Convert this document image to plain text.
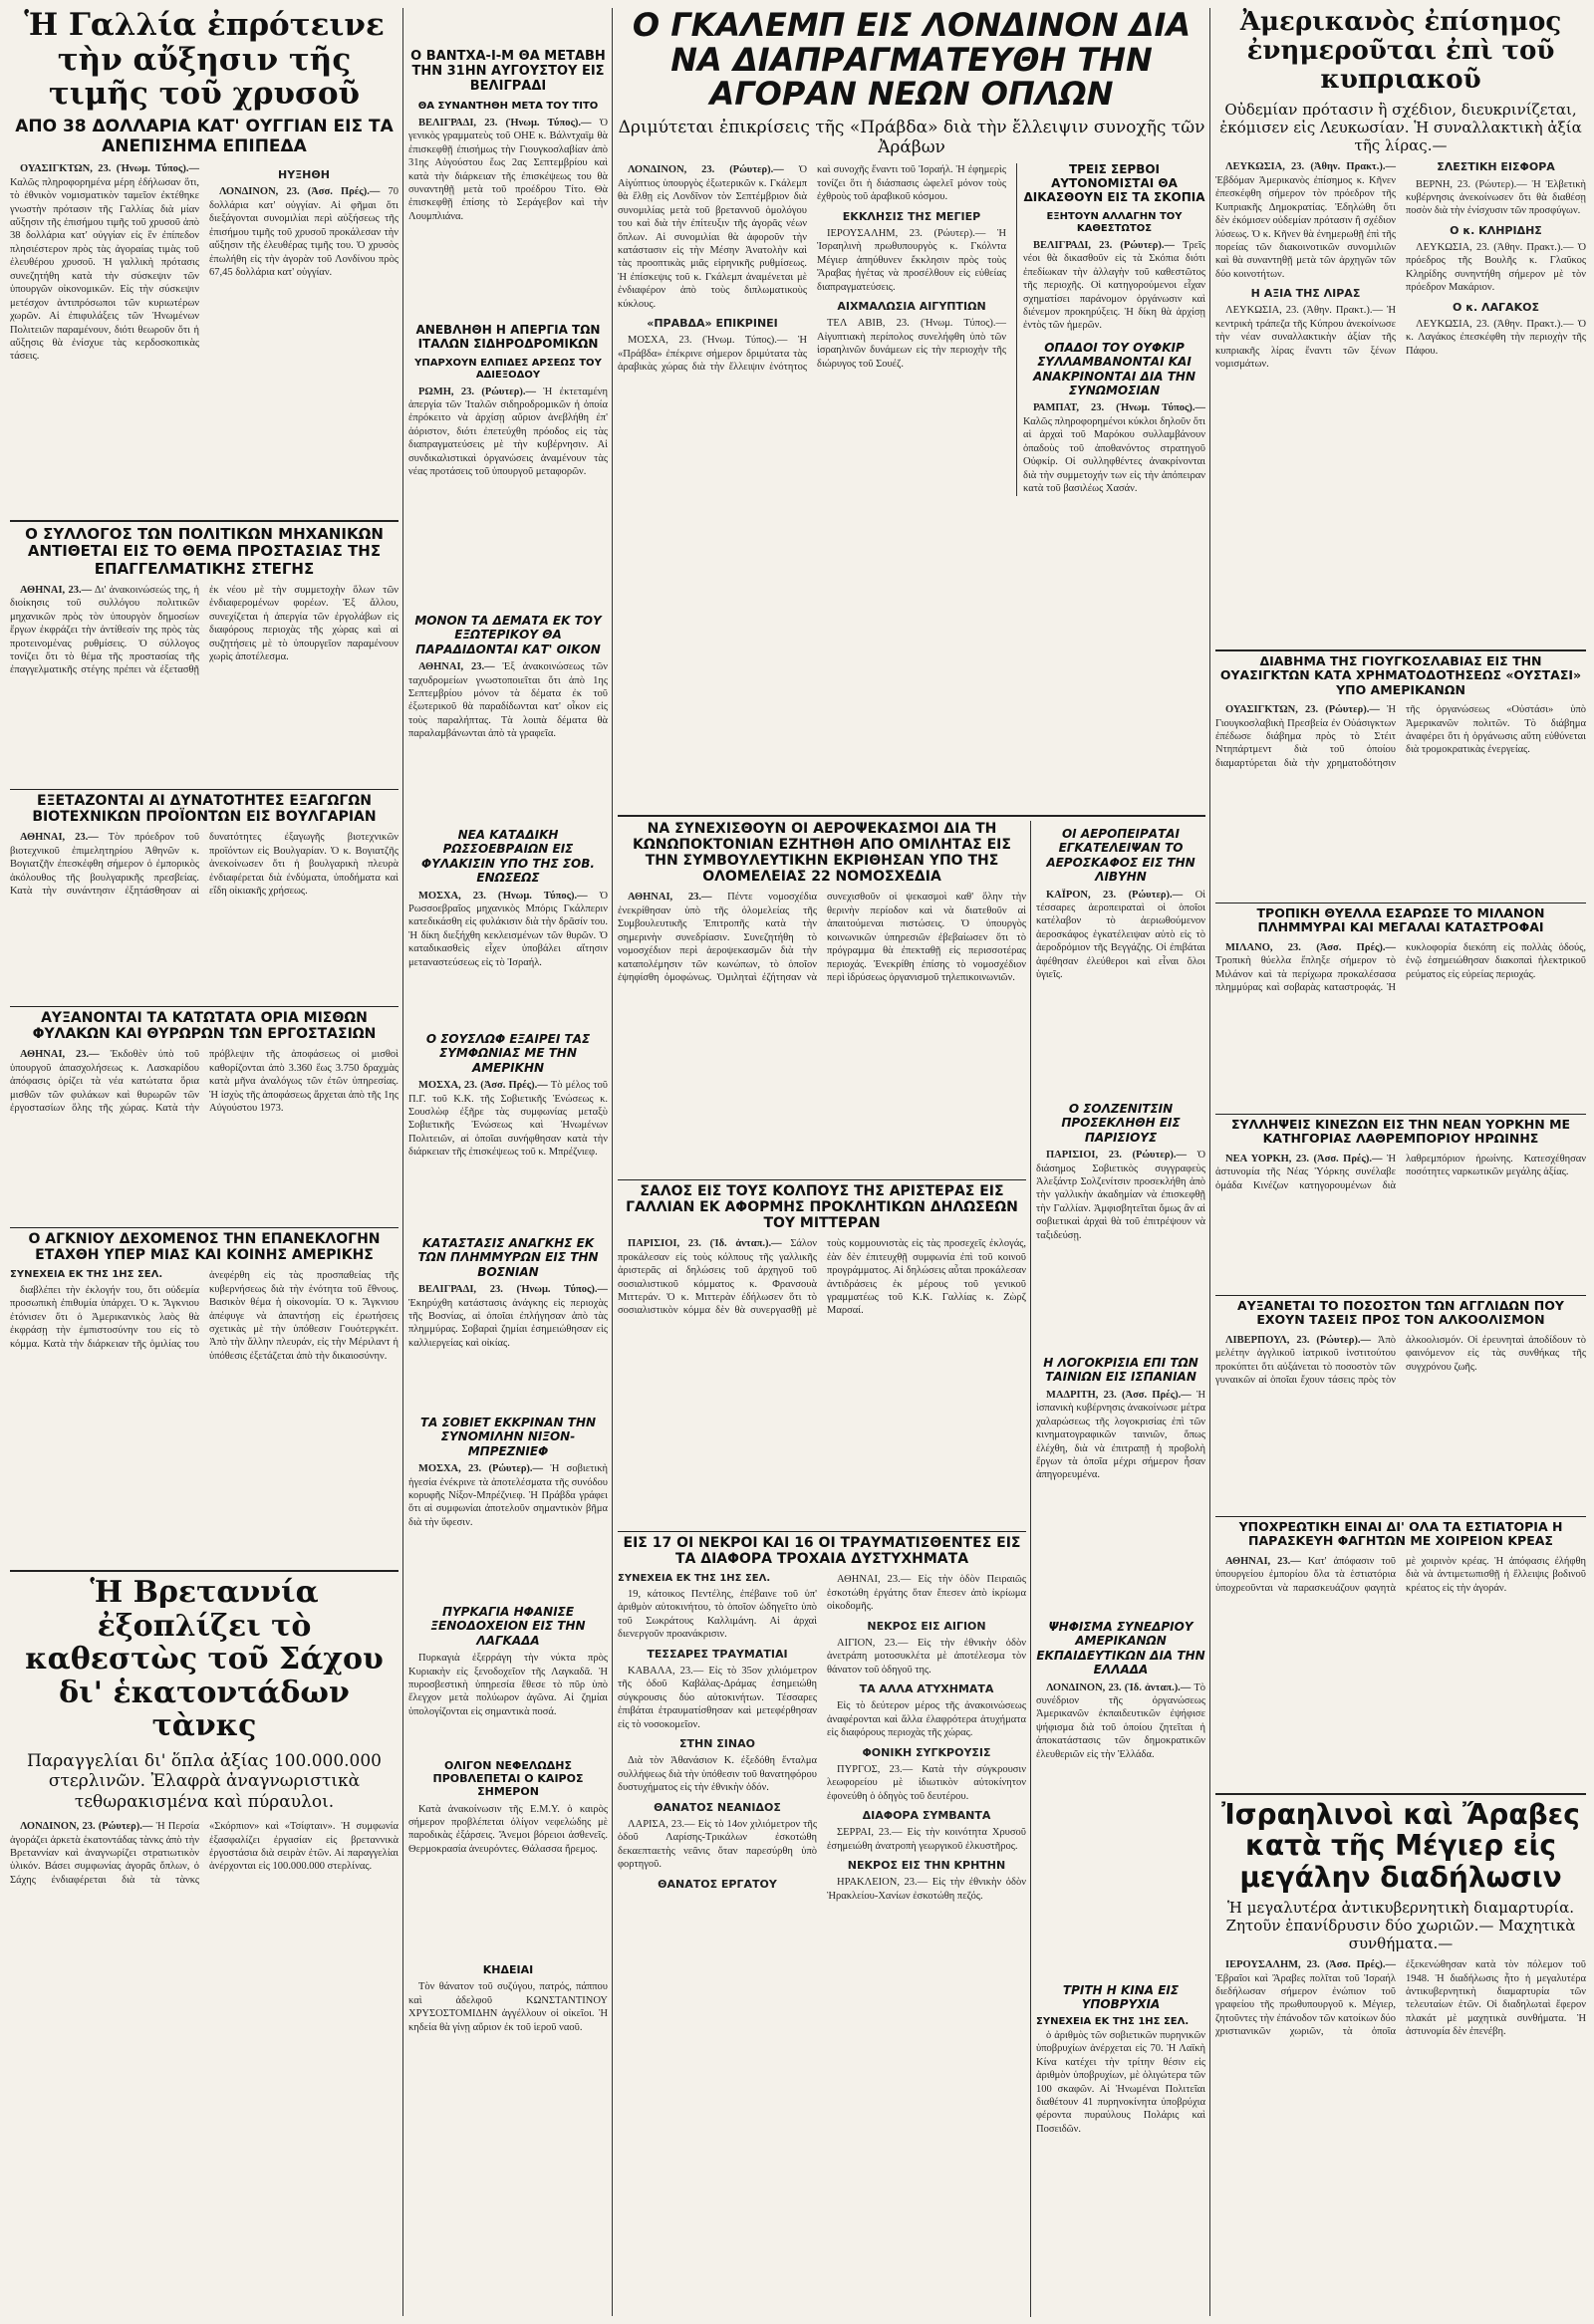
Ἡ Γαλλία ἐπρότεινε τὴν αὔξησιν τῆς τιμῆς τοῦ χρυσοῦ
ΑΠΟ 38 ΔΟΛΛΑΡΙΑ ΚΑΤ' ΟΥΓΓΙΑΝ ΕΙΣ ΤΑ ΑΝΕΠΙΣΗΜΑ ΕΠΙΠΕΔΑ

ΟΥΑΣΙΓΚΤΩΝ, 23. (Ἠνωμ. Τύπος).— Καλῶς πληροφορημένα μέρη ἐδήλωσαν ὅτι, τὸ ἐθνικὸν νομισματικὸν ταμεῖον ἐκτέθηκε γνωστὴν πρότασιν τῆς Γαλλίας διὰ μίαν αὔξησιν τῆς ἐπισήμου τιμῆς τοῦ χρυσοῦ ἀπὸ 38 δολλάρια κατ' οὐγγίαν εἰς ἓν ἐπίπεδον πλησιέστερον πρὸς τὰς ἀγοραίας τιμὰς τοῦ ἐλευθέρου χρυσοῦ. Ἡ γαλλικὴ πρότασις συνεζητήθη κατὰ τὴν σύσκεψιν τῶν ὑπουργῶν οἰκονομικῶν. Εἰς τὴν σύσκεψιν μετέσχον ἀντιπρόσωποι τῶν κυριωτέρων χωρῶν. Αἱ ἐπιφυλάξεις τῶν Ἡνωμένων Πολιτειῶν παραμένουν, διότι θεωροῦν ὅτι ἡ αὔξησις θὰ ἐνίσχυε τὰς κερδοσκοπικὰς τάσεις.

ΗΥΞΗΘΗ

ΛΟΝΔΙΝΟΝ, 23. (Ἀσσ. Πρές).— 70 δολλάρια κατ' οὐγγίαν. Αἱ φῆμαι ὅτι διεξάγονται συνομιλίαι περὶ αὐξήσεως τῆς ἐπισήμου τιμῆς τοῦ χρυσοῦ προκάλεσαν τὴν αὔξησιν τῆς ἐλευθέρας τιμῆς του. Ὁ χρυσὸς ἐπωλήθη εἰς τὴν ἀγορὰν τοῦ Λονδίνου πρὸς 67,45 δολλάρια κατ' οὐγγίαν.

Ο ΣΥΛΛΟΓΟΣ ΤΩΝ ΠΟΛΙΤΙΚΩΝ ΜΗΧΑΝΙΚΩΝ ΑΝΤΙΘΕΤΑΙ ΕΙΣ ΤΟ ΘΕΜΑ ΠΡΟΣΤΑΣΙΑΣ ΤΗΣ ΕΠΑΓΓΕΛΜΑΤΙΚΗΣ ΣΤΕΓΗΣ

ΑΘΗΝΑΙ, 23.— Δι' ἀνακοινώσεώς της, ἡ διοίκησις τοῦ συλλόγου πολιτικῶν μηχανικῶν πρὸς τὸν ὑπουργὸν δημοσίων ἔργων ἐκφράζει τὴν ἀντίθεσίν της πρὸς τὰς προτεινομένας ρυθμίσεις. Ὁ σύλλογος τονίζει ὅτι τὸ θέμα τῆς προστασίας τῆς ἐπαγγελματικῆς στέγης πρέπει νὰ ἐξετασθῇ ἐκ νέου μὲ τὴν συμμετοχὴν ὅλων τῶν ἐνδιαφερομένων φορέων. Ἐξ ἄλλου, συνεχίζεται ἡ ἀπεργία τῶν ἐργολάβων εἰς διαφόρους περιοχὰς τῆς χώρας καὶ αἱ συζητήσεις μὲ τὸ ὑπουργεῖον παραμένουν χωρὶς ἀποτέλεσμα.

ΕΞΕΤΑΖΟΝΤΑΙ ΑΙ ΔΥΝΑΤΟΤΗΤΕΣ ΕΞΑΓΩΓΩΝ ΒΙΟΤΕΧΝΙΚΩΝ ΠΡΟΪΟΝΤΩΝ ΕΙΣ ΒΟΥΛΓΑΡΙΑΝ

ΑΘΗΝΑΙ, 23.— Τὸν πρόεδρον τοῦ βιοτεχνικοῦ ἐπιμελητηρίου Ἀθηνῶν κ. Βογιατζῆν ἐπεσκέφθη σήμερον ὁ ἐμπορικὸς ἀκόλουθος τῆς βουλγαρικῆς πρεσβείας. Κατὰ τὴν συνάντησιν ἐξητάσθησαν αἱ δυνατότητες ἐξαγωγῆς βιοτεχνικῶν προϊόντων εἰς Βουλγαρίαν. Ὁ κ. Βογιατζῆς ἀνεκοίνωσεν ὅτι ἡ βουλγαρικὴ πλευρὰ ἐνδιαφέρεται διὰ ἐνδύματα, ὑποδήματα καὶ εἴδη οἰκιακῆς χρήσεως.

ΑΥΞΑΝΟΝΤΑΙ ΤΑ ΚΑΤΩΤΑΤΑ ΟΡΙΑ ΜΙΣΘΩΝ ΦΥΛΑΚΩΝ ΚΑΙ ΘΥΡΩΡΩΝ ΤΩΝ ΕΡΓΟΣΤΑΣΙΩΝ

ΑΘΗΝΑΙ, 23.— Ἐκδοθὲν ὑπὸ τοῦ ὑπουργοῦ ἀπασχολήσεως κ. Λασκαρίδου ἀπόφασις ὁρίζει τὰ νέα κατώτατα ὅρια μισθῶν τῶν φυλάκων καὶ θυρωρῶν τῶν ἐργοστασίων ὅλης τῆς χώρας. Κατὰ τὴν πρόβλεψιν τῆς ἀποφάσεως οἱ μισθοὶ καθορίζονται ἀπὸ 3.360 ἕως 3.750 δραχμὰς κατὰ μῆνα ἀναλόγως τῶν ἐτῶν ὑπηρεσίας. Ἡ ἰσχὺς τῆς ἀποφάσεως ἄρχεται ἀπὸ τῆς 1ης Αὐγούστου 1973.

Ο ΑΓΚΝΙΟΥ ΔΕΧΟΜΕΝΟΣ ΤΗΝ ΕΠΑΝΕΚΛΟΓΗΝ ΕΤΑΧΘΗ ΥΠΕΡ ΜΙΑΣ ΚΑΙ ΚΟΙΝΗΣ ΑΜΕΡΙΚΗΣ
ΣΥΝΕΧΕΙΑ ΕΚ ΤΗΣ 1ΗΣ ΣΕΛ.

διαβλέπει τὴν ἐκλογήν του, ὅτι οὐδεμία προσωπικὴ ἐπιθυμία ὑπάρχει. Ὁ κ. Ἄγκνιου ἐτόνισεν ὅτι ὁ Ἀμερικανικὸς λαὸς θὰ ἐκφράσῃ τὴν ἐμπιστοσύνην του εἰς τὸ κόμμα. Κατὰ τὴν διάρκειαν τῆς ὁμιλίας του ἀνεφέρθη εἰς τὰς προσπαθείας τῆς κυβερνήσεως διὰ τὴν ἑνότητα τοῦ ἔθνους. Βασικὸν θέμα ἡ οἰκονομία. Ὁ κ. Ἄγκνιου ἀπέφυγε νὰ ἀπαντήσῃ εἰς ἐρωτήσεις σχετικὰς μὲ τὴν ὑπόθεσιν Γουότεργκέιτ. Ἀπὸ τὴν ἄλλην πλευράν, εἰς τὴν Μέριλαντ ἡ ὑπόθεσις ἐξετάζεται ἀπὸ τὴν δικαιοσύνην.

Ἡ Βρεταννία ἐξοπλίζει τὸ καθεστὼς τοῦ Σάχου δι' ἑκατοντάδων τὰνκς
Παραγγελίαι δι' ὅπλα ἀξίας 100.000.000 στερλινῶν. Ἐλαφρὰ ἀναγνωριστικὰ τεθωρακισμένα καὶ πύραυλοι.

ΛΟΝΔΙΝΟΝ, 23. (Ρώυτερ).— Ἡ Περσία ἀγοράζει ἀρκετὰ ἑκατοντάδας τὰνκς ἀπὸ τὴν Βρεταννίαν καὶ ἀναγνωρίζει στρατιωτικὸν ὑλικόν. Βάσει συμφωνίας ἀγορᾶς ὅπλων, ὁ Σάχης ἐνδιαφέρεται διὰ τὰ τὰνκς «Σκόρπιον» καὶ «Τσίφταιν». Ἡ συμφωνία ἐξασφαλίζει ἐργασίαν εἰς βρεταννικὰ ἐργοστάσια διὰ σειρὰν ἐτῶν. Αἱ παραγγελίαι ἀνέρχονται εἰς 100.000.000 στερλίνας.

Ο ΒΑΝΤΧΑ-Ι-Μ ΘΑ ΜΕΤΑΒΗ ΤΗΝ 31ΗΝ ΑΥΓΟΥΣΤΟΥ ΕΙΣ ΒΕΛΙΓΡΑΔΙ
ΘΑ ΣΥΝΑΝΤΗΘΗ ΜΕΤΑ ΤΟΥ ΤΙΤΟ

ΒΕΛΙΓΡΑΔΙ, 23. (Ἠνωμ. Τύπος).— Ὁ γενικὸς γραμματεὺς τοῦ ΟΗΕ κ. Βάλντχαϊμ θὰ ἐπισκεφθῇ ἐπισήμως τὴν Γιουγκοσλαβίαν ἀπὸ 31ης Αὐγούστου ἕως 2ας Σεπτεμβρίου καὶ κατὰ τὴν διάρκειαν τῆς ἐπισκέψεως του θὰ συναντηθῇ μετὰ τοῦ προέδρου Τίτο. Θὰ ἐπισκεφθῇ ἐπίσης τὸ Σεράγεβον καὶ τὴν Λουμπλιάνα.

ΑΝΕΒΛΗΘΗ Η ΑΠΕΡΓΙΑ ΤΩΝ ΙΤΑΛΩΝ ΣΙΔΗΡΟΔΡΟΜΙΚΩΝ
ΥΠΑΡΧΟΥΝ ΕΛΠΙΔΕΣ ΑΡΣΕΩΣ ΤΟΥ ΑΔΙΕΞΟΔΟΥ

ΡΩΜΗ, 23. (Ρώυτερ).— Ἡ ἐκτεταμένη ἀπεργία τῶν Ἰταλῶν σιδηροδρομικῶν ἡ ὁποία ἐπρόκειτο νὰ ἀρχίσῃ αὔριον ἀνεβλήθη ἐπ' ἀόριστον, διότι ἐπετεύχθη πρόοδος εἰς τὰς διαπραγματεύσεις μὲ τὴν κυβέρνησιν. Αἱ συνδικαλιστικαὶ ὀργανώσεις ἀναμένουν τὰς νέας προτάσεις τοῦ ὑπουργοῦ μεταφορῶν.

ΜΟΝΟΝ ΤΑ ΔΕΜΑΤΑ ΕΚ ΤΟΥ ΕΞΩΤΕΡΙΚΟΥ ΘΑ ΠΑΡΑΔΙΔΟΝΤΑΙ ΚΑΤ' ΟΙΚΟΝ

ΑΘΗΝΑΙ, 23.— Ἐξ ἀνακοινώσεως τῶν ταχυδρομείων γνωστοποιεῖται ὅτι ἀπὸ 1ης Σεπτεμβρίου μόνον τὰ δέματα ἐκ τοῦ ἐξωτερικοῦ θὰ παραδίδωνται κατ' οἶκον εἰς τοὺς παραλήπτας. Τὰ λοιπὰ δέματα θὰ παραλαμβάνωνται ἀπὸ τὰ γραφεῖα.

ΝΕΑ ΚΑΤΑΔΙΚΗ ΡΩΣΣΟΕΒΡΑΙΩΝ ΕΙΣ ΦΥΛΑΚΙΣΙΝ ΥΠΟ ΤΗΣ ΣΟΒ. ΕΝΩΣΕΩΣ

ΜΟΣΧΑ, 23. (Ἠνωμ. Τύπος).— Ὁ Ρωσσοεβραῖος μηχανικὸς Μπόρις Γκάλπεριν κατεδικάσθη εἰς φυλάκισιν διὰ τὴν δρᾶσίν του. Ἡ δίκη διεξήχθη κεκλεισμένων τῶν θυρῶν. Ὁ καταδικασθεὶς εἶχεν ὑποβάλει αἴτησιν μεταναστεύσεως εἰς τὸ Ἰσραήλ.

Ο ΣΟΥΣΛΩΦ ΕΞΑΙΡΕΙ ΤΑΣ ΣΥΜΦΩΝΙΑΣ ΜΕ ΤΗΝ ΑΜΕΡΙΚΗΝ

ΜΟΣΧΑ, 23. (Ἀσσ. Πρές).— Τὸ μέλος τοῦ Π.Γ. τοῦ Κ.Κ. τῆς Σοβιετικῆς Ἑνώσεως κ. Σουσλὼφ ἐξῆρε τὰς συμφωνίας μεταξὺ Σοβιετικῆς Ἑνώσεως καὶ Ἡνωμένων Πολιτειῶν, αἱ ὁποῖαι συνήφθησαν κατὰ τὴν διάρκειαν τῆς ἐπισκέψεως τοῦ κ. Μπρέζνιεφ.

ΚΑΤΑΣΤΑΣΙΣ ΑΝΑΓΚΗΣ ΕΚ ΤΩΝ ΠΛΗΜΜΥΡΩΝ ΕΙΣ ΤΗΝ ΒΟΣΝΙΑΝ

ΒΕΛΙΓΡΑΔΙ, 23. (Ἠνωμ. Τύπος).— Ἐκηρύχθη κατάστασις ἀνάγκης εἰς περιοχὰς τῆς Βοσνίας, αἱ ὁποῖαι ἐπλήγησαν ἀπὸ τὰς πλημμύρας. Σοβαραὶ ζημίαι ἐσημειώθησαν εἰς καλλιεργείας καὶ οἰκίας.

ΤΑ ΣΟΒΙΕΤ ΕΚΚΡΙΝΑΝ ΤΗΝ ΣΥΝΟΜΙΛΗΝ ΝΙΞΟΝ-ΜΠΡΕΖΝΙΕΦ

ΜΟΣΧΑ, 23. (Ρώυτερ).— Ἡ σοβιετικὴ ἡγεσία ἐνέκρινε τὰ ἀποτελέσματα τῆς συνόδου κορυφῆς Νίξον-Μπρέζνιεφ. Ἡ Πράβδα γράφει ὅτι αἱ συμφωνίαι ἀποτελοῦν σημαντικὸν βῆμα διὰ τὴν ὕφεσιν.

ΠΥΡΚΑΓΙΑ ΗΦΑΝΙΣΕ ΞΕΝΟΔΟΧΕΙΟΝ ΕΙΣ ΤΗΝ ΛΑΓΚΑΔΑ

Πυρκαγιὰ ἐξερράγη τὴν νύκτα πρὸς Κυριακὴν εἰς ξενοδοχεῖον τῆς Λαγκαδᾶ. Ἡ πυροσβεστικὴ ὑπηρεσία ἔθεσε τὸ πῦρ ὑπὸ ἔλεγχον μετὰ πολύωρον ἀγῶνα. Αἱ ζημίαι ὑπολογίζονται εἰς σημαντικὰ ποσά.

ΟΛΙΓΟΝ ΝΕΦΕΛΩΔΗΣ ΠΡΟΒΛΕΠΕΤΑΙ Ο ΚΑΙΡΟΣ ΣΗΜΕΡΟΝ

Κατὰ ἀνακοίνωσιν τῆς Ε.Μ.Υ. ὁ καιρὸς σήμερον προβλέπεται ὀλίγον νεφελώδης μὲ παροδικὰς ἐξάρσεις. Ἄνεμοι βόρειοι ἀσθενεῖς. Θερμοκρασία ἀνευρόντες. Θάλασσα ἤρεμος.

ΚΗΔΕΙΑΙ

Τὸν θάνατον τοῦ συζύγου, πατρός, πάππου καὶ ἀδελφοῦ ΚΩΝΣΤΑΝΤΙΝΟΥ ΧΡΥΣΟΣΤΟΜΙΔΗΝ ἀγγέλλουν οἱ οἰκεῖοι. Ἡ κηδεία θὰ γίνῃ αὔριον ἐκ τοῦ ἱεροῦ ναοῦ.

Ο ΓΚΑΛΕΜΠ ΕΙΣ ΛΟΝΔΙΝΟΝ ΔΙΑ ΝΑ ΔΙΑΠΡΑΓΜΑΤΕΥΘΗ ΤΗΝ ΑΓΟΡΑΝ ΝΕΩΝ ΟΠΛΩΝ
Δριμύτεται ἐπικρίσεις τῆς «Πράβδα» διὰ τὴν ἔλλειψιν συνοχῆς τῶν Ἀράβων

ΛΟΝΔΙΝΟΝ, 23. (Ρώυτερ).— Ὁ Αἰγύπτιος ὑπουργὸς ἐξωτερικῶν κ. Γκάλεμπ θὰ ἔλθῃ εἰς Λονδῖνον τὸν Σεπτέμβριον διὰ συνομιλίας μετὰ τοῦ βρεταννοῦ ὁμολόγου του καὶ διὰ τὴν ἐπίτευξιν τῆς ἀγορᾶς νέων ὅπλων. Αἱ συνομιλίαι θὰ ἀφοροῦν τὴν κατάστασιν εἰς τὴν Μέσην Ἀνατολὴν καὶ τὰς προοπτικὰς μιᾶς εἰρηνικῆς ρυθμίσεως. Ἡ ἐπίσκεψις τοῦ κ. Γκάλεμπ ἀναμένεται μὲ ἐνδιαφέρον ἀπὸ τοὺς διπλωματικοὺς κύκλους.

«ΠΡΑΒΔΑ» ΕΠΙΚΡΙΝΕΙ

ΜΟΣΧΑ, 23. (Ἠνωμ. Τύπος).— Ἡ «Πράβδα» ἐπέκρινε σήμερον δριμύτατα τὰς ἀραβικὰς χώρας διὰ τὴν ἔλλειψιν ἑνότητος καὶ συνοχῆς ἔναντι τοῦ Ἰσραήλ. Ἡ ἐφημερὶς τονίζει ὅτι ἡ διάσπασις ὠφελεῖ μόνον τοὺς ἐχθροὺς τοῦ ἀραβικοῦ κόσμου.

ΕΚΚΛΗΣΙΣ ΤΗΣ ΜΕΓΙΕΡ

ΙΕΡΟΥΣΑΛΗΜ, 23. (Ρώυτερ).— Ἡ Ἰσραηλινὴ πρωθυπουργὸς κ. Γκόλντα Μέγιερ ἀπηύθυνεν ἔκκλησιν πρὸς τοὺς Ἄραβας ἡγέτας νὰ προσέλθουν εἰς εὐθείας διαπραγματεύσεις.

ΑΙΧΜΑΛΩΣΙΑ ΑΙΓΥΠΤΙΩΝ

ΤΕΛ ΑΒΙΒ, 23. (Ἠνωμ. Τύπος).— Αἰγυπτιακὴ περίπολος συνελήφθη ὑπὸ τῶν ἰσραηλινῶν δυνάμεων εἰς τὴν περιοχὴν τῆς διώρυγος τοῦ Σουέζ.

ΤΡΕΙΣ ΣΕΡΒΟΙ ΑΥΤΟΝΟΜΙΣΤΑΙ ΘΑ ΔΙΚΑΣΘΟΥΝ ΕΙΣ ΤΑ ΣΚΟΠΙΑ
ΕΞΗΤΟΥΝ ΑΛΛΑΓΗΝ ΤΟΥ ΚΑΘΕΣΤΩΤΟΣ

ΒΕΛΙΓΡΑΔΙ, 23. (Ρώυτερ).— Τρεῖς νέοι θὰ δικασθοῦν εἰς τὰ Σκόπια διότι ἐπεδίωκαν τὴν ἀλλαγὴν τοῦ καθεστῶτος τῆς περιοχῆς. Οἱ κατηγορούμενοι εἶχαν σχηματίσει παράνομον ὀργάνωσιν καὶ διένεμον προκηρύξεις. Ἡ δίκη θὰ ἀρχίσῃ ἐντὸς τῶν ἡμερῶν.

ΟΠΑΔΟΙ ΤΟΥ ΟΥΦΚΙΡ ΣΥΛΛΑΜΒΑΝΟΝΤΑΙ ΚΑΙ ΑΝΑΚΡΙΝΟΝΤΑΙ ΔΙΑ ΤΗΝ ΣΥΝΩΜΟΣΙΑΝ

ΡΑΜΠΑΤ, 23. (Ἠνωμ. Τύπος).— Καλῶς πληροφορημένοι κύκλοι δηλοῦν ὅτι αἱ ἀρχαὶ τοῦ Μαρόκου συλλαμβάνουν ὀπαδοὺς τοῦ ἀποθανόντος στρατηγοῦ Οὐφκίρ. Οἱ συλληφθέντες ἀνακρίνονται διὰ τὴν συμμετοχήν των εἰς τὴν ἀπόπειραν κατὰ τοῦ βασιλέως Χασάν.

ΝΑ ΣΥΝΕΧΙΣΘΟΥΝ ΟΙ ΑΕΡΟΨΕΚΑΣΜΟΙ ΔΙΑ ΤΗ ΚΩΝΩΠΟΚΤΟΝΙΑΝ ΕΖΗΤΗΘΗ ΑΠΟ ΟΜΙΛΗΤΑΣ ΕΙΣ ΤΗΝ ΣΥΜΒΟΥΛΕΥΤΙΚΗΝ ΕΚΡΙΘΗΣΑΝ ΥΠΟ ΤΗΣ ΟΛΟΜΕΛΕΙΑΣ 22 ΝΟΜΟΣΧΕΔΙΑ

ΑΘΗΝΑΙ, 23.— Πέντε νομοσχέδια ἐνεκρίθησαν ὑπὸ τῆς ὁλομελείας τῆς Συμβουλευτικῆς Ἐπιτροπῆς κατὰ τὴν σημερινὴν συνεδρίασιν. Συνεζητήθη τὸ νομοσχέδιον περὶ ἀεροψεκασμῶν διὰ τὴν καταπολέμησιν τῶν κωνώπων, τὸ ὁποῖον ἐψηφίσθη ὁμοφώνως. Ὁμιληταὶ ἐζήτησαν νὰ συνεχισθοῦν οἱ ψεκασμοὶ καθ' ὅλην τὴν θερινὴν περίοδον καὶ νὰ διατεθοῦν αἱ ἀπαιτούμεναι πιστώσεις. Ὁ ὑπουργὸς κοινωνικῶν ὑπηρεσιῶν ἐβεβαίωσεν ὅτι τὸ πρόγραμμα θὰ ἐπεκταθῇ εἰς περισσοτέρας περιοχάς. Ἐνεκρίθη ἐπίσης τὸ νομοσχέδιον περὶ ἱδρύσεως ὀργανισμοῦ τηλεπικοινωνιῶν.

ΣΑΛΟΣ ΕΙΣ ΤΟΥΣ ΚΟΛΠΟΥΣ ΤΗΣ ΑΡΙΣΤΕΡΑΣ ΕΙΣ ΓΑΛΛΙΑΝ ΕΚ ΑΦΟΡΜΗΣ ΠΡΟΚΛΗΤΙΚΩΝ ΔΗΛΩΣΕΩΝ ΤΟΥ ΜΙΤΤΕΡΑΝ

ΠΑΡΙΣΙΟΙ, 23. (Ἰδ. ἀνταπ.).— Σάλον προκάλεσαν εἰς τοὺς κόλπους τῆς γαλλικῆς ἀριστερᾶς αἱ δηλώσεις τοῦ ἀρχηγοῦ τοῦ σοσιαλιστικοῦ κόμματος κ. Φρανσουὰ Μιττεράν. Ὁ κ. Μιττερὰν ἐδήλωσεν ὅτι τὸ σοσιαλιστικὸν κόμμα δὲν θὰ συνεργασθῇ μὲ τοὺς κομμουνιστὰς εἰς τὰς προσεχεῖς ἐκλογάς, ἐὰν δὲν ἐπιτευχθῇ συμφωνία ἐπὶ τοῦ κοινοῦ προγράμματος. Αἱ δηλώσεις αὗται προκάλεσαν ἀντιδράσεις ἐκ μέρους τοῦ γενικοῦ γραμματέως τοῦ Κ.Κ. Γαλλίας κ. Ζὼρζ Μαρσαί.

ΕΙΣ 17 ΟΙ ΝΕΚΡΟΙ ΚΑΙ 16 ΟΙ ΤΡΑΥΜΑΤΙΣΘΕΝΤΕΣ ΕΙΣ ΤΑ ΔΙΑΦΟΡΑ ΤΡΟΧΑΙΑ ΔΥΣΤΥΧΗΜΑΤΑ
ΣΥΝΕΧΕΙΑ ΕΚ ΤΗΣ 1ΗΣ ΣΕΛ.

19, κάτοικος Πεντέλης, ἐπέβαινε τοῦ ὑπ' ἀριθμὸν αὐτοκινήτου, τὸ ὁποῖον ὡδηγεῖτο ὑπὸ τοῦ Σωκράτους Καλλιμάνη. Αἱ ἀρχαὶ διενεργοῦν προανάκρισιν.

ΤΕΣΣΑΡΕΣ ΤΡΑΥΜΑΤΙΑΙ

ΚΑΒΑΛΑ, 23.— Εἰς τὸ 35ον χιλιόμετρον τῆς ὁδοῦ Καβάλας-Δράμας ἐσημειώθη σύγκρουσις δύο αὐτοκινήτων. Τέσσαρες ἐπιβάται ἐτραυματίσθησαν καὶ μετεφέρθησαν εἰς τὸ νοσοκομεῖον.

ΣΤΗΝ ΣΙΝΑΟ

Διὰ τὸν Ἀθανάσιον Κ. ἐξεδόθη ἔνταλμα συλλήψεως διὰ τὴν ὑπόθεσιν τοῦ θανατηφόρου δυστυχήματος εἰς τὴν ἐθνικὴν ὁδόν.

ΘΑΝΑΤΟΣ ΝΕΑΝΙΔΟΣ

ΛΑΡΙΣΑ, 23.— Εἰς τὸ 14ον χιλιόμετρον τῆς ὁδοῦ Λαρίσης-Τρικάλων ἐσκοτώθη δεκαεπταετὴς νεᾶνις ὅταν παρεσύρθη ὑπὸ φορτηγοῦ.

ΘΑΝΑΤΟΣ ΕΡΓΑΤΟΥ

ΑΘΗΝΑΙ, 23.— Εἰς τὴν ὁδὸν Πειραιῶς ἐσκοτώθη ἐργάτης ὅταν ἔπεσεν ἀπὸ ἰκρίωμα οἰκοδομῆς.

ΝΕΚΡΟΣ ΕΙΣ ΑΙΓΙΟΝ

ΑΙΓΙΟΝ, 23.— Εἰς τὴν ἐθνικὴν ὁδὸν ἀνετράπη μοτοσυκλέτα μὲ ἀποτέλεσμα τὸν θάνατον τοῦ ὁδηγοῦ της.

ΤΑ ΑΛΛΑ ΑΤΥΧΗΜΑΤΑ

Εἰς τὸ δεύτερον μέρος τῆς ἀνακοινώσεως ἀναφέρονται καὶ ἄλλα ἐλαφρότερα ἀτυχήματα εἰς διαφόρους περιοχὰς τῆς χώρας.

ΦΟΝΙΚΗ ΣΥΓΚΡΟΥΣΙΣ

ΠΥΡΓΟΣ, 23.— Κατὰ τὴν σύγκρουσιν λεωφορείου μὲ ἰδιωτικὸν αὐτοκίνητον ἐφονεύθη ὁ ὁδηγὸς τοῦ δευτέρου.

ΔΙΑΦΟΡΑ ΣΥΜΒΑΝΤΑ

ΣΕΡΡΑΙ, 23.— Εἰς τὴν κοινότητα Χρυσοῦ ἐσημειώθη ἀνατροπὴ γεωργικοῦ ἐλκυστῆρος.

ΝΕΚΡΟΣ ΕΙΣ ΤΗΝ ΚΡΗΤΗΝ

ΗΡΑΚΛΕΙΟΝ, 23.— Εἰς τὴν ἐθνικὴν ὁδὸν Ἡρακλείου-Χανίων ἐσκοτώθη πεζός.

ΟΙ ΑΕΡΟΠΕΙΡΑΤΑΙ ΕΓΚΑΤΕΛΕΙΨΑΝ ΤΟ ΑΕΡΟΣΚΑΦΟΣ ΕΙΣ ΤΗΝ ΛΙΒΥΗΝ

ΚΑΪΡΟΝ, 23. (Ρώυτερ).— Οἱ τέσσαρες ἀεροπειραταὶ οἱ ὁποῖοι κατέλαβον τὸ ἀεριωθούμενον ἀεροσκάφος ἐγκατέλειψαν αὐτὸ εἰς τὸ ἀεροδρόμιον τῆς Βεγγάζης. Οἱ ἐπιβάται ἀφέθησαν ἐλεύθεροι καὶ εἶναι ὅλοι ὑγιεῖς.

Ο ΣΟΛΖΕΝΙΤΣΙΝ ΠΡΟΣΕΚΛΗΘΗ ΕΙΣ ΠΑΡΙΣΙΟΥΣ

ΠΑΡΙΣΙΟΙ, 23. (Ρώυτερ).— Ὁ διάσημος Σοβιετικὸς συγγραφεὺς Ἀλεξάντρ Σολζενίτσιν προσεκλήθη ἀπὸ τὴν γαλλικὴν ἀκαδημίαν νὰ ἐπισκεφθῇ τὴν Γαλλίαν. Ἀμφισβητεῖται ὅμως ἂν αἱ σοβιετικαὶ ἀρχαὶ θὰ τοῦ ἐπιτρέψουν νὰ ταξιδεύσῃ.

Η ΛΟΓΟΚΡΙΣΙΑ ΕΠΙ ΤΩΝ ΤΑΙΝΙΩΝ ΕΙΣ ΙΣΠΑΝΙΑΝ

ΜΑΔΡΙΤΗ, 23. (Ἀσσ. Πρές).— Ἡ ἰσπανικὴ κυβέρνησις ἀνακοίνωσε μέτρα χαλαρώσεως τῆς λογοκρισίας ἐπὶ τῶν κινηματογραφικῶν ταινιῶν, ὅπως ἐλέχθη, διὰ νὰ ἐπιτραπῇ ἡ προβολὴ ἔργων τὰ ὁποῖα μέχρι σήμερον ἦσαν ἀπηγορευμένα.

ΨΗΦΙΣΜΑ ΣΥΝΕΔΡΙΟΥ ΑΜΕΡΙΚΑΝΩΝ ΕΚΠΑΙΔΕΥΤΙΚΩΝ ΔΙΑ ΤΗΝ ΕΛΛΑΔΑ

ΛΟΝΔΙΝΟΝ, 23. (Ἰδ. ἀνταπ.).— Τὸ συνέδριον τῆς ὀργανώσεως Ἀμερικανῶν ἐκπαιδευτικῶν ἐψήφισε ψήφισμα διὰ τοῦ ὁποίου ζητεῖται ἡ ἀποκατάστασις τῶν δημοκρατικῶν ἐλευθεριῶν εἰς τὴν Ἑλλάδα.

ΤΡΙΤΗ Η ΚΙΝΑ ΕΙΣ ΥΠΟΒΡΥΧΙΑ
ΣΥΝΕΧΕΙΑ ΕΚ ΤΗΣ 1ΗΣ ΣΕΛ.

ὁ ἀριθμὸς τῶν σοβιετικῶν πυρηνικῶν ὑποβρυχίων ἀνέρχεται εἰς 70. Ἡ Λαϊκὴ Κίνα κατέχει τὴν τρίτην θέσιν εἰς ἀριθμὸν ὑποβρυχίων, μὲ ὁλιγώτερα τῶν 100 σκαφῶν. Αἱ Ἡνωμέναι Πολιτεῖαι διαθέτουν 41 πυρηνοκίνητα ὑποβρύχια φέροντα πυραύλους Πολάρις καὶ Ποσειδῶν.

Ἀμερικανὸς ἐπίσημος ἐνημεροῦται ἐπὶ τοῦ κυπριακοῦ
Οὐδεμίαν πρότασιν ἢ σχέδιον, διευκρινίζεται, ἐκόμισεν εἰς Λευκωσίαν. Ἡ συναλλακτικὴ ἀξία τῆς λίρας.—

ΛΕΥΚΩΣΙΑ, 23. (Ἀθην. Πρακτ.).— Ἐβδόμαν Ἀμερικανὸς ἐπίσημος κ. Κῆνεν ἐπεσκέφθη σήμερον τὸν πρόεδρον τῆς Κυπριακῆς Δημοκρατίας. Ἐδηλώθη ὅτι δὲν ἐκόμισεν οὐδεμίαν πρότασιν ἢ σχέδιον λύσεως. Ὁ κ. Κῆνεν θὰ ἐνημερωθῇ ἐπὶ τῆς πορείας τῶν διακοινοτικῶν συνομιλιῶν καὶ θὰ συναντηθῇ μετὰ τῶν ἀρχηγῶν τῶν δύο κοινοτήτων.

Η ΑΞΙΑ ΤΗΣ ΛΙΡΑΣ

ΛΕΥΚΩΣΙΑ, 23. (Ἀθην. Πρακτ.).— Ἡ κεντρικὴ τράπεζα τῆς Κύπρου ἀνεκοίνωσε τὴν νέαν συναλλακτικὴν ἀξίαν τῆς κυπριακῆς λίρας ἔναντι τῶν ξένων νομισμάτων.

ΣΛΕΣΤΙΚΗ ΕΙΣΦΟΡΑ

ΒΕΡΝΗ, 23. (Ρώυτερ).— Ἡ Ἑλβετικὴ κυβέρνησις ἀνεκοίνωσεν ὅτι θὰ διαθέσῃ ποσὸν διὰ τὴν ἐνίσχυσιν τῶν προσφύγων.

Ο κ. ΚΛΗΡΙΔΗΣ

ΛΕΥΚΩΣΙΑ, 23. (Ἀθην. Πρακτ.).— Ὁ πρόεδρος τῆς Βουλῆς κ. Γλαῦκος Κληρίδης συνηντήθη σήμερον μὲ τὸν πρόεδρον Μακάριον.

Ο κ. ΛΑΓΑΚΟΣ

ΛΕΥΚΩΣΙΑ, 23. (Ἀθην. Πρακτ.).— Ὁ κ. Λαγάκος ἐπεσκέφθη τὴν περιοχὴν τῆς Πάφου.

ΔΙΑΒΗΜΑ ΤΗΣ ΓΙΟΥΓΚΟΣΛΑΒΙΑΣ ΕΙΣ ΤΗΝ ΟΥΑΣΙΓΚΤΩΝ ΚΑΤΑ ΧΡΗΜΑΤΟΔΟΤΗΣΕΩΣ «ΟΥΣΤΑΣΙ» ΥΠΟ ΑΜΕΡΙΚΑΝΩΝ

ΟΥΑΣΙΓΚΤΩΝ, 23. (Ρώυτερ).— Ἡ Γιουγκοσλαβικὴ Πρεσβεία ἐν Οὐάσιγκτων ἐπέδωσε διάβημα πρὸς τὸ Στέιτ Ντηπάρτμεντ διὰ τοῦ ὁποίου διαμαρτύρεται διὰ τὴν χρηματοδότησιν τῆς ὀργανώσεως «Οὐστάσι» ὑπὸ Ἀμερικανῶν πολιτῶν. Τὸ διάβημα ἀναφέρει ὅτι ἡ ὀργάνωσις αὕτη εὐθύνεται διὰ τρομοκρατικὰς ἐνεργείας.

ΤΡΟΠΙΚΗ ΘΥΕΛΛΑ ΕΣΑΡΩΣΕ ΤΟ ΜΙΛΑΝΟΝ ΠΛΗΜΜΥΡΑΙ ΚΑΙ ΜΕΓΑΛΑΙ ΚΑΤΑΣΤΡΟΦΑΙ

ΜΙΛΑΝΟ, 23. (Ἀσσ. Πρές).— Τροπικὴ θύελλα ἔπληξε σήμερον τὸ Μιλάνον καὶ τὰ περίχωρα προκαλέσασα πλημμύρας καὶ σοβαρὰς καταστροφάς. Ἡ κυκλοφορία διεκόπη εἰς πολλὰς ὁδούς, ἐνῷ ἐσημειώθησαν διακοπαὶ ἠλεκτρικοῦ ρεύματος εἰς εὐρείας περιοχάς.

ΣΥΛΛΗΨΕΙΣ ΚΙΝΕΖΩΝ ΕΙΣ ΤΗΝ ΝΕΑΝ ΥΟΡΚΗΝ ΜΕ ΚΑΤΗΓΟΡΙΑΣ ΛΑΘΡΕΜΠΟΡΙΟΥ ΗΡΩΙΝΗΣ

ΝΕΑ ΥΟΡΚΗ, 23. (Ἀσσ. Πρές).— Ἡ ἀστυνομία τῆς Νέας Ὑόρκης συνέλαβε ὁμάδα Κινέζων κατηγορουμένων διὰ λαθρεμπόριον ἡρωίνης. Κατεσχέθησαν ποσότητες ναρκωτικῶν μεγάλης ἀξίας.

ΑΥΞΑΝΕΤΑΙ ΤΟ ΠΟΣΟΣΤΟΝ ΤΩΝ ΑΓΓΛΙΔΩΝ ΠΟΥ ΕΧΟΥΝ ΤΑΣΕΙΣ ΠΡΟΣ ΤΟΝ ΑΛΚΟΟΛΙΣΜΟΝ

ΛΙΒΕΡΠΟΥΛ, 23. (Ρώυτερ).— Ἀπὸ μελέτην ἀγγλικοῦ ἰατρικοῦ ἰνστιτούτου προκύπτει ὅτι αὐξάνεται τὸ ποσοστὸν τῶν γυναικῶν αἱ ὁποῖαι ἔχουν τάσεις πρὸς τὸν ἀλκοολισμόν. Οἱ ἐρευνηταὶ ἀποδίδουν τὸ φαινόμενον εἰς τὰς συνθήκας τῆς συγχρόνου ζωῆς.

ΥΠΟΧΡΕΩΤΙΚΗ ΕΙΝΑΙ ΔΙ' ΟΛΑ ΤΑ ΕΣΤΙΑΤΟΡΙΑ Η ΠΑΡΑΣΚΕΥΗ ΦΑΓΗΤΩΝ ΜΕ ΧΟΙΡΕΙΟΝ ΚΡΕΑΣ

ΑΘΗΝΑΙ, 23.— Κατ' ἀπόφασιν τοῦ ὑπουργείου ἐμπορίου ὅλα τὰ ἑστιατόρια ὑποχρεοῦνται νὰ παρασκευάζουν φαγητὰ μὲ χοιρινὸν κρέας. Ἡ ἀπόφασις ἐλήφθη διὰ νὰ ἀντιμετωπισθῇ ἡ ἔλλειψις βοδινοῦ κρέατος εἰς τὴν ἀγοράν.

Ἰσραηλινοὶ καὶ Ἄραβες κατὰ τῆς Μέγιερ εἰς μεγάλην διαδήλωσιν
Ἡ μεγαλυτέρα ἀντικυβερνητικὴ διαμαρτυρία. Ζητοῦν ἐπανίδρυσιν δύο χωριῶν.— Μαχητικὰ συνθήματα.—

ΙΕΡΟΥΣΑΛΗΜ, 23. (Ἀσσ. Πρές).— Ἑβραῖοι καὶ Ἄραβες πολῖται τοῦ Ἰσραήλ διεδήλωσαν σήμερον ἐνώπιον τοῦ γραφείου τῆς πρωθυπουργοῦ κ. Μέγιερ, ζητοῦντες τὴν ἐπάνοδον τῶν κατοίκων δύο χριστιανικῶν χωριῶν, τὰ ὁποῖα ἐξεκενώθησαν κατὰ τὸν πόλεμον τοῦ 1948. Ἡ διαδήλωσις ἦτο ἡ μεγαλυτέρα ἀντικυβερνητικὴ διαμαρτυρία τῶν τελευταίων ἐτῶν. Οἱ διαδηλωταὶ ἔφερον πλακάτ μὲ μαχητικὰ συνθήματα. Ἡ ἀστυνομία δὲν ἐπενέβη.
